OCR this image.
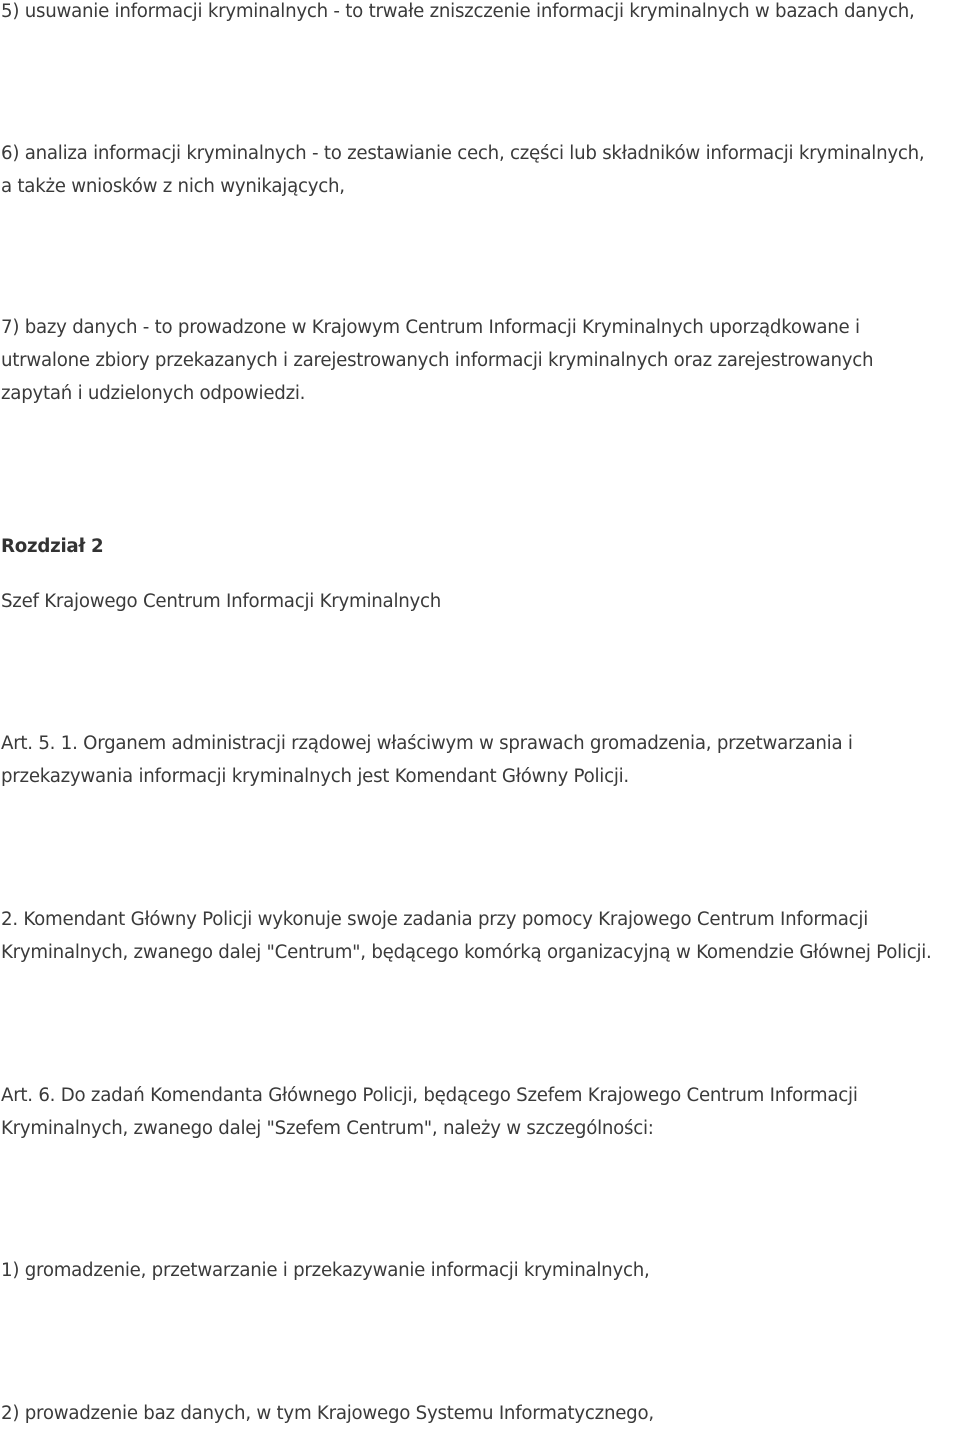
5) usuwanie informacji kryminalnych - to trwałe zniszczenie informacji kryminalnych w bazach danych,

6) analiza informacji kryminalnych - to zestawianie cech, części lub składników informacji kryminalnych,
a także wniosków z nich wynikających,

7) bazy danych - to prowadzone w Krajowym Centrum Informacji Kryminalnych uporządkowane i
utrwalone zbiory przekazanych i zarejestrowanych informacji kryminalnych oraz zarejestrowanych
zapytań i udzielonych odpowiedzi.

Rozdział 2

Szef Krajowego Centrum Informacji Kryminalnych

Art. 5. 1. Organem administracji rządowej właściwym w sprawach gromadzenia, przetwarzania i
przekazywania informacji kryminalnych jest Komendant Główny Policji.

2. Komendant Główny Policji wykonuje swoje zadania przy pomocy Krajowego Centrum Informacji
Kryminalnych, zwanego dalej "Centrum", będącego komórką organizacyjną w Komendzie Głównej Policji.

Art. 6. Do zadań Komendanta Głównego Policji, będącego Szefem Krajowego Centrum Informacji
Kryminalnych, zwanego dalej "Szefem Centrum", należy w szczególności:

1) gromadzenie, przetwarzanie i przekazywanie informacji kryminalnych,

2) prowadzenie baz danych, w tym Krajowego Systemu Informatycznego,
